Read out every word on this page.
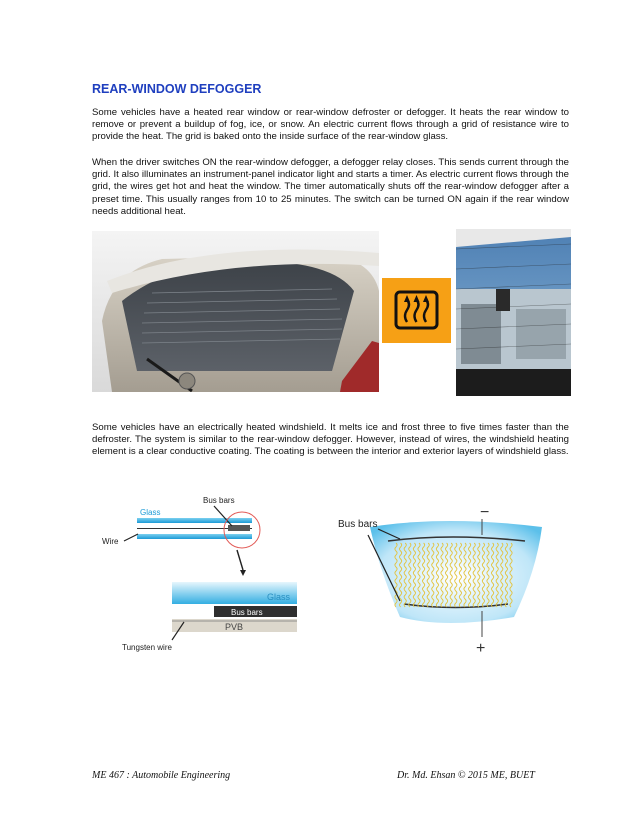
REAR-WINDOW DEFOGGER

Some vehicles have a heated rear window or rear-window defroster or defogger. It heats the rear window to remove or prevent a buildup of fog, ice, or snow. An electric current flows through a grid of resistance wire to provide the heat. The grid is baked onto the inside surface of the rear-window glass.

When the driver switches ON the rear-window defogger, a defogger relay closes. This sends current through the grid. It also illuminates an instrument-panel indicator light and starts a timer. As electric current flows through the grid, the wires get hot and heat the window. The timer automatically shuts off the rear-window defogger after a preset time. This usually ranges from 10 to 25 minutes. The switch can be turned ON again if the rear window needs additional heat.

Some vehicles have an electrically heated windshield. It melts ice and frost three to five times faster than the defroster. The system is similar to the rear-window defogger. However, instead of wires, the windshield heating element is a clear conductive coating. The coating is between the interior and exterior layers of windshield glass.

Glass
Bus bars
Wire
Glass
Bus bars
PVB
Tungsten wire
Bus bars
−
+
ME 467 : Automobile Engineering	Dr. Md. Ehsan © 2015 ME, BUET
